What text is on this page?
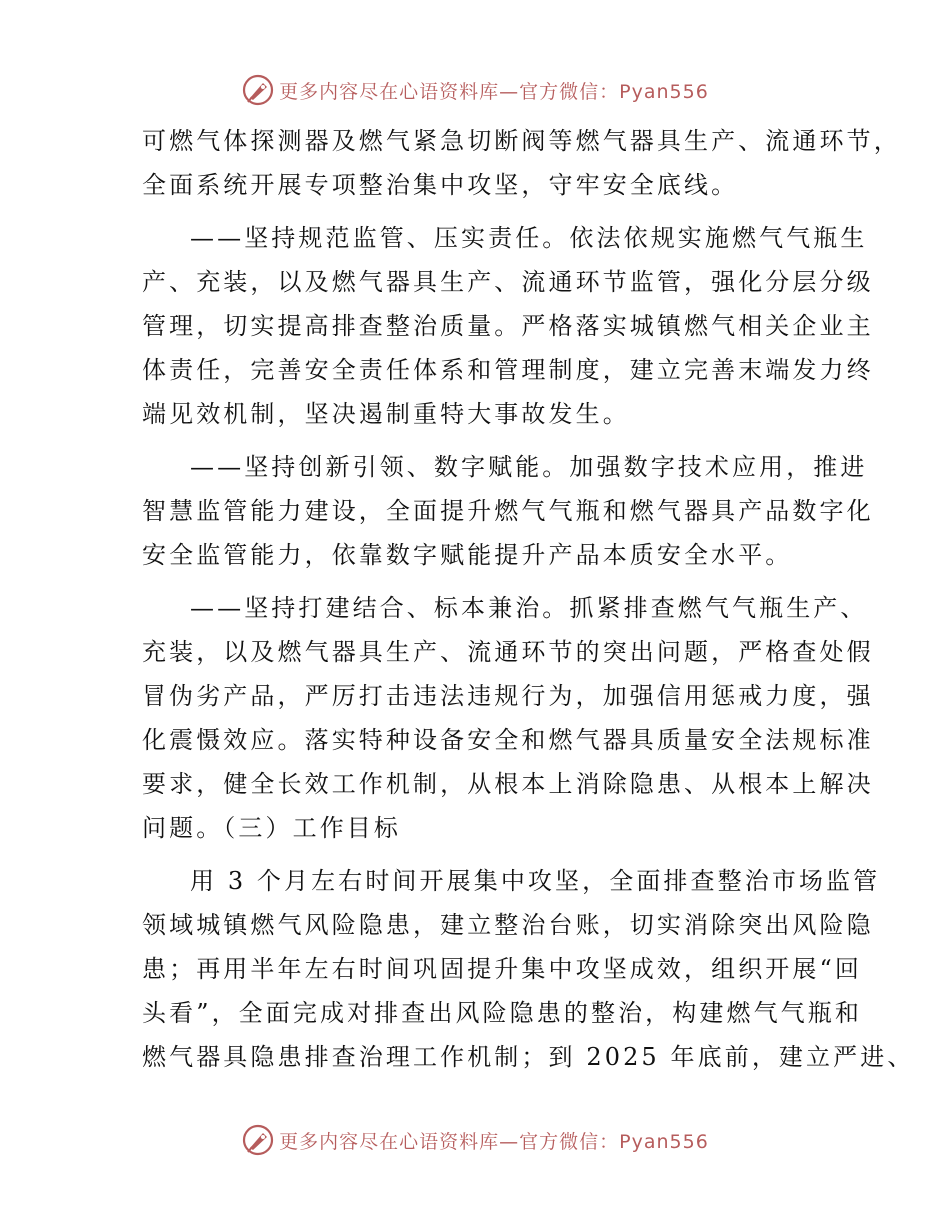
更多内容尽在心语资料库—官方微信：Pyan556

可燃气体探测器及燃气紧急切断阀等燃气器具生产、流通环节，
全面系统开展专项整治集中攻坚，守牢安全底线。

——坚持规范监管、压实责任。依法依规实施燃气气瓶生
产、充装，以及燃气器具生产、流通环节监管，强化分层分级
管理，切实提高排查整治质量。严格落实城镇燃气相关企业主
体责任，完善安全责任体系和管理制度，建立完善末端发力终
端见效机制，坚决遏制重特大事故发生。

——坚持创新引领、数字赋能。加强数字技术应用，推进
智慧监管能力建设，全面提升燃气气瓶和燃气器具产品数字化
安全监管能力，依靠数字赋能提升产品本质安全水平。

——坚持打建结合、标本兼治。抓紧排查燃气气瓶生产、
充装，以及燃气器具生产、流通环节的突出问题，严格查处假
冒伪劣产品，严厉打击违法违规行为，加强信用惩戒力度，强
化震慑效应。落实特种设备安全和燃气器具质量安全法规标准
要求，健全长效工作机制，从根本上消除隐患、从根本上解决
问题。（三）工作目标

用 3 个月左右时间开展集中攻坚，全面排查整治市场监管
领域城镇燃气风险隐患，建立整治台账，切实消除突出风险隐
患；再用半年左右时间巩固提升集中攻坚成效，组织开展“回
头看”，全面完成对排查出风险隐患的整治，构建燃气气瓶和
燃气器具隐患排查治理工作机制；到 2025 年底前，建立严进、

更多内容尽在心语资料库—官方微信：Pyan556
